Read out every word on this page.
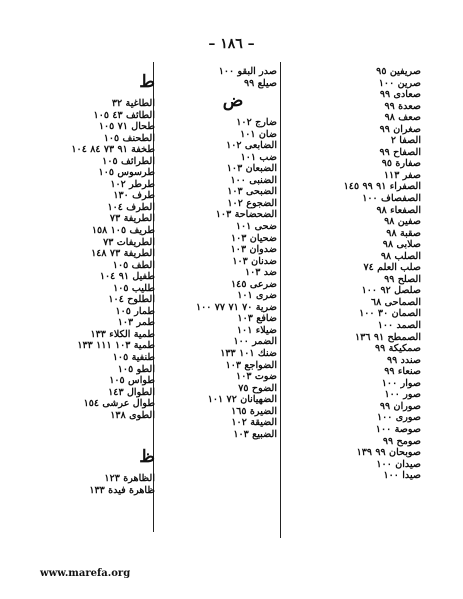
– ١٨٦ –
صريفين ٩٥
صرين ١٠٠
صعادى ٩٩
صعدة ٩٩
صعف ٩٨
صغران ٩٩
الصفا ٢
الصفاح ٩٩
صفارة ٩٥
صفر ١١٣
الصفراء ٩١ ٩٩ ١٤٥
الصفصاف ١٠٠
الصفعاء ٩٨
صفين ٩٨
صقبة ٩٨
صلابى ٩٨
الصلب ٩٨
صلب العلم ٧٤
الصلح ٩٩
صلصل ٩٢ ١٠٠
الصماحى ٦٨
الصمان ٣٠ ١٠٠
الصمد ١٠٠
الصمطح ٩١ ١٣٦
صمكيكة ٩٩
صندد ٩٩
صنعاء ٩٩
صوار ١٠٠
صور ١٠٠
صوران ٩٩
صورى ١٠٠
صوصة ١٠٠
صومح ٩٩
صوبحان ٩٩ ١٣٩
صيدان ١٠٠
صيدا ١٠٠
صدر البقو ١٠٠
صيلع ٩٩
ض
ضارج ١٠٢
ضان ١٠١
الضابعى ١٠٢
ضب ١٠١
الضبعان ١٠٣
الضنبى ١٠٠
الضبحى ١٠٣
الضجوع ١٠٢
الضحضاحة ١٠٣
ضحى ١٠١
ضحيان ١٠٣
ضدوان ١٠٣
ضدنان ١٠٣
ضد ١٠٣
ضرعى ١٤٥
ضرى ١٠١
ضرية ٧٠ ٧١ ٧٧ ١٠٠
ضافع ١٠٣
ضيلاء ١٠١
الضمر ١٠٠
ضنك ١٠١ ١٣٣
الضواجع ١٠٣
ضوت ١٠٣
الضوح ٧٥
الضهيانان ٧٢ ١٠١
الضيرة ١٦٥
الضيقة ١٠٢
الضبيع ١٠٣
ط
الطاغية ٣٢
الطائف ٤٣ ١٠٥
طحال ٧١ ١٠٥
الطحنف ١٠٥
طخفة ٩١ ٧٣ ٨٤ ١٠٤
الطرائف ١٠٥
طرسوس ١٠٥
طرطر ١٠٢
طرف ١٣٠
الطرف ١٠٤
الطريفة ٧٣
طريف ١٠٥ ١٥٨
الطريفات ٧٣
الطريفة ٧٣ ١٤٨
الطف ١٠٥
طفيل ٩١ ١٠٤
طليب ١٠٥
الطلوح ١٠٤
طمار ١٠٥
طمر ١٠٣
طمية الكلاء ١٣٣
طمية ١٠٣ ١١١ ١٣٣
طنفية ١٠٥
الطو ١٠٥
طواس ١٠٥
الطوال ١٤٣
طوال عرشى ١٥٤
الطوى ١٣٨
ظ
الظاهرة ١٢٣
ظاهرة فيدة ١٣٣
www.marefa.org
